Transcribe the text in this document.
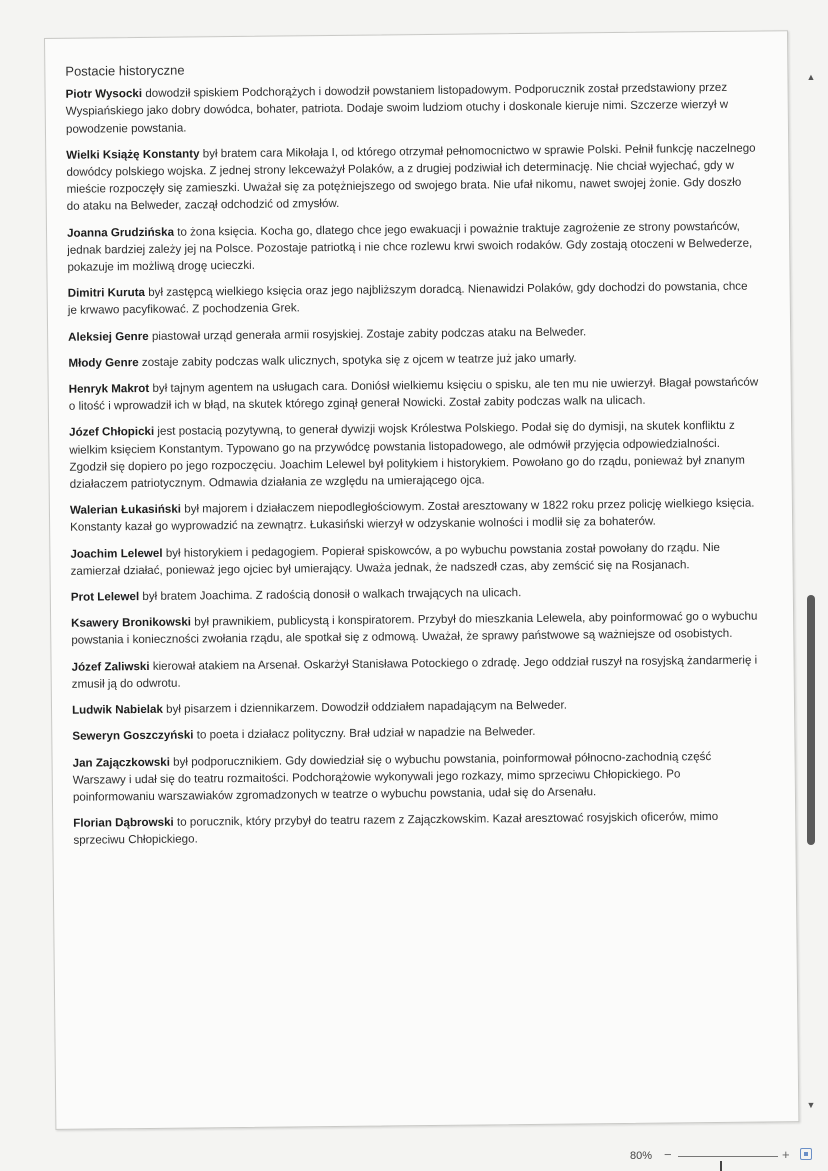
Postacie historyczne

Piotr Wysocki dowodził spiskiem Podchorążych i dowodził powstaniem listopadowym. Podporucznik został przedstawiony przez Wyspiańskiego jako dobry dowódca, bohater, patriota. Dodaje swoim ludziom otuchy i doskonale kieruje nimi. Szczerze wierzył w powodzenie powstania.

Wielki Książę Konstanty był bratem cara Mikołaja I, od którego otrzymał pełnomocnictwo w sprawie Polski. Pełnił funkcję naczelnego dowódcy polskiego wojska. Z jednej strony lekceważył Polaków, a z drugiej podziwiał ich determinację. Nie chciał wyjechać, gdy w mieście rozpoczęły się zamieszki. Uważał się za potężniejszego od swojego brata. Nie ufał nikomu, nawet swojej żonie. Gdy doszło do ataku na Belweder, zaczął odchodzić od zmysłów.

Joanna Grudzińska to żona księcia. Kocha go, dlatego chce jego ewakuacji i poważnie traktuje zagrożenie ze strony powstańców, jednak bardziej zależy jej na Polsce. Pozostaje patriotką i nie chce rozlewu krwi swoich rodaków. Gdy zostają otoczeni w Belwederze, pokazuje im możliwą drogę ucieczki.

Dimitri Kuruta był zastępcą wielkiego księcia oraz jego najbliższym doradcą. Nienawidzi Polaków, gdy dochodzi do powstania, chce je krwawo pacyfikować. Z pochodzenia Grek.

Aleksiej Genre piastował urząd generała armii rosyjskiej. Zostaje zabity podczas ataku na Belweder.

Młody Genre zostaje zabity podczas walk ulicznych, spotyka się z ojcem w teatrze już jako umarły.

Henryk Makrot był tajnym agentem na usługach cara. Doniósł wielkiemu księciu o spisku, ale ten mu nie uwierzył. Błagał powstańców o litość i wprowadził ich w błąd, na skutek którego zginął generał Nowicki. Został zabity podczas walk na ulicach.

Józef Chłopicki jest postacią pozytywną, to generał dywizji wojsk Królestwa Polskiego. Podał się do dymisji, na skutek konfliktu z wielkim księciem Konstantym. Typowano go na przywódcę powstania listopadowego, ale odmówił przyjęcia odpowiedzialności. Zgodził się dopiero po jego rozpoczęciu. Joachim Lelewel był politykiem i historykiem. Powołano go do rządu, ponieważ był znanym działaczem patriotycznym. Odmawia działania ze względu na umierającego ojca.

Walerian Łukasiński był majorem i działaczem niepodległościowym. Został aresztowany w 1822 roku przez policję wielkiego księcia. Konstanty kazał go wyprowadzić na zewnątrz. Łukasiński wierzył w odzyskanie wolności i modlił się za bohaterów.

Joachim Lelewel był historykiem i pedagogiem. Popierał spiskowców, a po wybuchu powstania został powołany do rządu. Nie zamierzał działać, ponieważ jego ojciec był umierający. Uważa jednak, że nadszedł czas, aby zemścić się na Rosjanach.

Prot Lelewel był bratem Joachima. Z radością donosił o walkach trwających na ulicach.

Ksawery Bronikowski był prawnikiem, publicystą i konspiratorem. Przybył do mieszkania Lelewela, aby poinformować go o wybuchu powstania i konieczności zwołania rządu, ale spotkał się z odmową. Uważał, że sprawy państwowe są ważniejsze od osobistych.

Józef Zaliwski kierował atakiem na Arsenał. Oskarżył Stanisława Potockiego o zdradę. Jego oddział ruszył na rosyjską żandarmerię i zmusił ją do odwrotu.

Ludwik Nabielak był pisarzem i dziennikarzem. Dowodził oddziałem napadającym na Belweder.

Seweryn Goszczyński to poeta i działacz polityczny. Brał udział w napadzie na Belweder.

Jan Zajączkowski był podporucznikiem. Gdy dowiedział się o wybuchu powstania, poinformował północno-zachodnią część Warszawy i udał się do teatru rozmaitości. Podchorążowie wykonywali jego rozkazy, mimo sprzeciwu Chłopickiego. Po poinformowaniu warszawiaków zgromadzonych w teatrze o wybuchu powstania, udał się do Arsenału.

Florian Dąbrowski to porucznik, który przybył do teatru razem z Zajączkowskim. Kazał aresztować rosyjskich oficerów, mimo sprzeciwu Chłopickiego.

▲
▼
80% −	+
